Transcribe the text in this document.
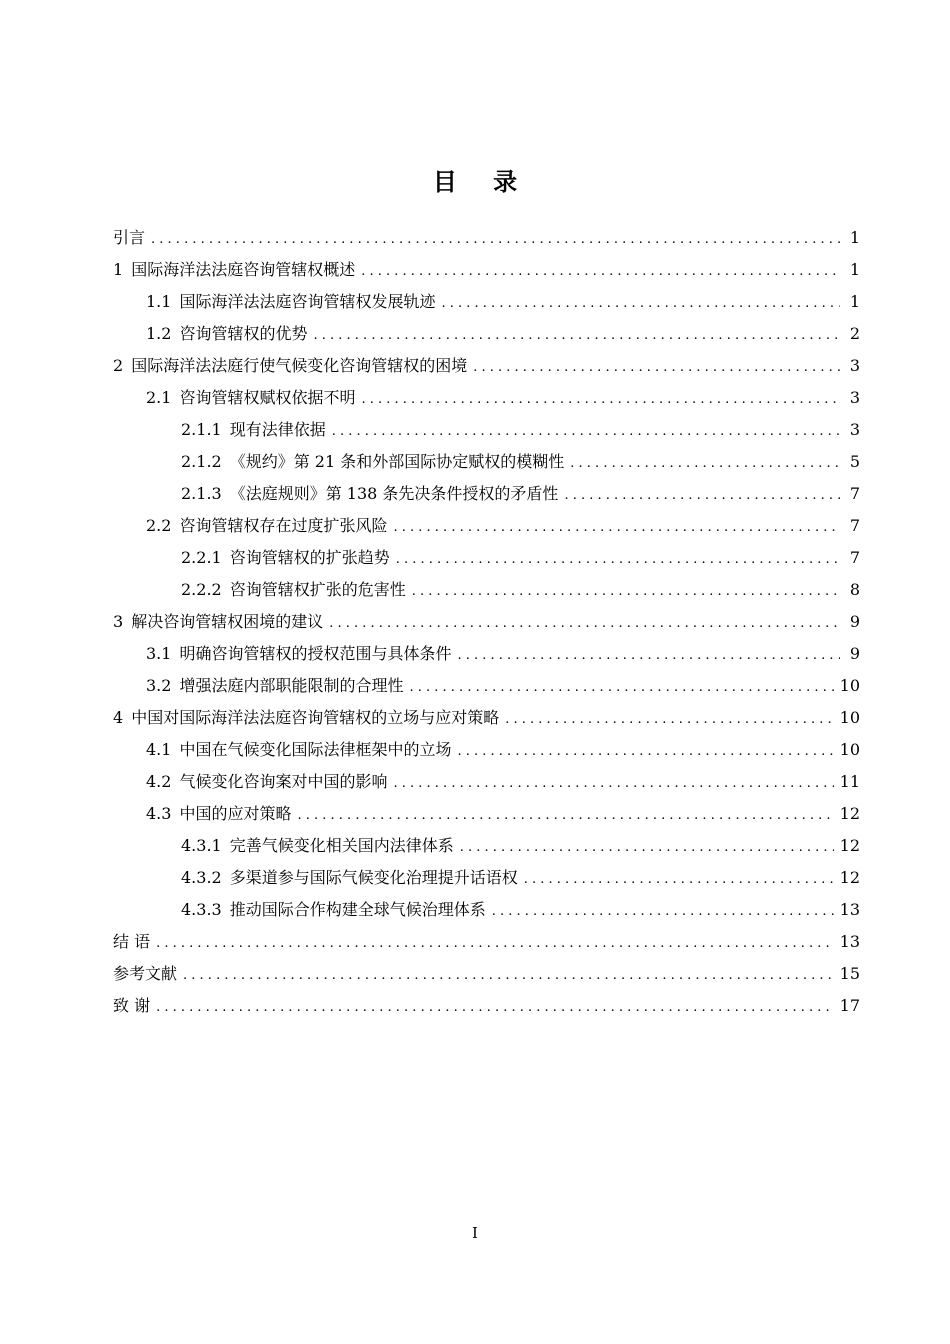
目 录
引言 . . .	1
1 国际海洋法法庭咨询管辖权概述 . . .	1
1.1 国际海洋法法庭咨询管辖权发展轨迹 . . .	1
1.2 咨询管辖权的优势 . . .	2
2 国际海洋法法庭行使气候变化咨询管辖权的困境 . . .	3
2.1 咨询管辖权赋权依据不明 . . .	3
2.1.1 现有法律依据 . . .	3
2.1.2 《规约》第 21 条和外部国际协定赋权的模糊性 . . .	5
2.1.3 《法庭规则》第 138 条先决条件授权的矛盾性 . . .	7
2.2 咨询管辖权存在过度扩张风险 . . .	7
2.2.1 咨询管辖权的扩张趋势 . . .	7
2.2.2 咨询管辖权扩张的危害性 . . .	8
3 解决咨询管辖权困境的建议 . . .	9
3.1 明确咨询管辖权的授权范围与具体条件 . . .	9
3.2 增强法庭内部职能限制的合理性 . . .	10
4 中国对国际海洋法法庭咨询管辖权的立场与应对策略 . . .	10
4.1 中国在气候变化国际法律框架中的立场 . . .	10
4.2 气候变化咨询案对中国的影响 . . .	11
4.3 中国的应对策略 . . .	12
4.3.1 完善气候变化相关国内法律体系 . . .	12
4.3.2 多渠道参与国际气候变化治理提升话语权 . . .	12
4.3.3 推动国际合作构建全球气候治理体系 . . .	13
结 语 . . .	13
参考文献 . . .	15
致 谢 . . .	17
I
